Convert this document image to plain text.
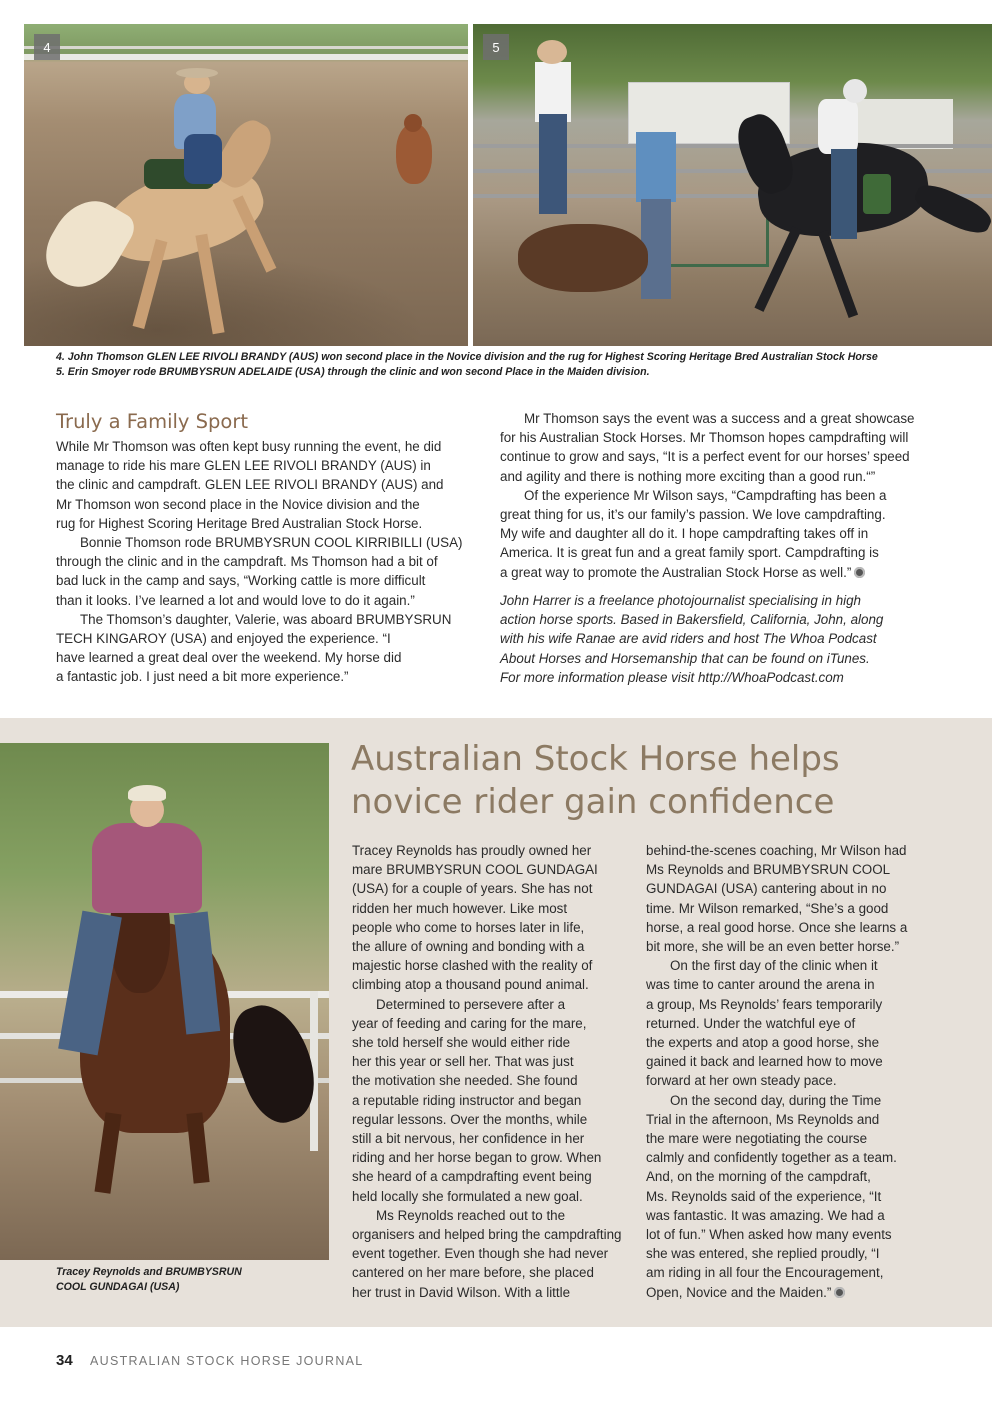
4	5
4. John Thomson GLEN LEE RIVOLI BRANDY (AUS) won second place in the Novice division and the rug for Highest Scoring Heritage Bred Australian Stock Horse
5. Erin Smoyer rode BRUMBYSRUN ADELAIDE (USA) through the clinic and won second Place in the Maiden division.
Truly a Family Sport

While Mr Thomson was often kept busy running the event, he did

manage to ride his mare GLEN LEE RIVOLI BRANDY (AUS) in

the clinic and campdraft. GLEN LEE RIVOLI BRANDY (AUS) and

Mr Thomson won second place in the Novice division and the

rug for Highest Scoring Heritage Bred Australian Stock Horse.

Bonnie Thomson rode BRUMBYSRUN COOL KIRRIBILLI (USA)

through the clinic and in the campdraft. Ms Thomson had a bit of

bad luck in the camp and says, “Working cattle is more difficult

than it looks. I’ve learned a lot and would love to do it again.”

The Thomson’s daughter, Valerie, was aboard BRUMBYSRUN

TECH KINGAROY (USA) and enjoyed the experience. “I

have learned a great deal over the weekend. My horse did

a fantastic job. I just need a bit more experience.”

Mr Thomson says the event was a success and a great showcase

for his Australian Stock Horses. Mr Thomson hopes campdrafting will

continue to grow and says, “It is a perfect event for our horses’ speed

and agility and there is nothing more exciting than a good run.“”

Of the experience Mr Wilson says, “Campdrafting has been a

great thing for us, it’s our family’s passion. We love campdrafting.

My wife and daughter all do it. I hope campdrafting takes off in

America. It is great fun and a great family sport. Campdrafting is

a great way to promote the Australian Stock Horse as well.”

John Harrer is a freelance photojournalist specialising in high

action horse sports. Based in Bakersfield, California, John, along

with his wife Ranae are avid riders and host The Whoa Podcast

About Horses and Horsemanship that can be found on iTunes.

For more information please visit http://WhoaPodcast.com

Tracey Reynolds and BRUMBYSRUN
COOL GUNDAGAI (USA)
Australian Stock Horse helps
novice rider gain confidence

Tracey Reynolds has proudly owned her

mare BRUMBYSRUN COOL GUNDAGAI

(USA) for a couple of years. She has not

ridden her much however. Like most

people who come to horses later in life,

the allure of owning and bonding with a

majestic horse clashed with the reality of

climbing atop a thousand pound animal.

Determined to persevere after a

year of feeding and caring for the mare,

she told herself she would either ride

her this year or sell her. That was just

the motivation she needed. She found

a reputable riding instructor and began

regular lessons. Over the months, while

still a bit nervous, her confidence in her

riding and her horse began to grow. When

she heard of a campdrafting event being

held locally she formulated a new goal.

Ms Reynolds reached out to the

organisers and helped bring the campdrafting

event together. Even though she had never

cantered on her mare before, she placed

her trust in David Wilson. With a little

behind-the-scenes coaching, Mr Wilson had

Ms Reynolds and BRUMBYSRUN COOL

GUNDAGAI (USA) cantering about in no

time. Mr Wilson remarked, “She’s a good

horse, a real good horse. Once she learns a

bit more, she will be an even better horse.”

On the first day of the clinic when it

was time to canter around the arena in

a group, Ms Reynolds’ fears temporarily

returned. Under the watchful eye of

the experts and atop a good horse, she

gained it back and learned how to move

forward at her own steady pace.

On the second day, during the Time

Trial in the afternoon, Ms Reynolds and

the mare were negotiating the course

calmly and confidently together as a team.

And, on the morning of the campdraft,

Ms. Reynolds said of the experience, “It

was fantastic. It was amazing. We had a

lot of fun.” When asked how many events

she was entered, she replied proudly, “I

am riding in all four the Encouragement,

Open, Novice and the Maiden.”

34 AUSTRALIAN STOCK HORSE JOURNAL
